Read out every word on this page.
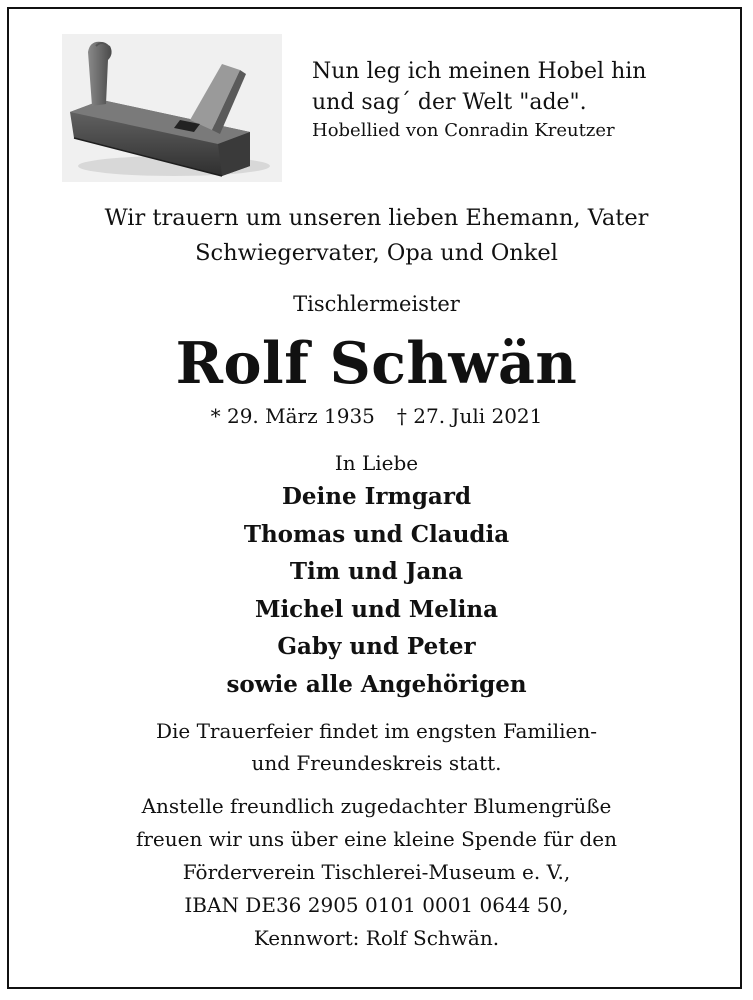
Nun leg ich meinen Hobel hin
und sag´ der Welt "ade".
Hobellied von Conradin Kreutzer
Wir trauern um unseren lieben Ehemann, Vater
Schwiegervater, Opa und Onkel
Tischlermeister
Rolf Schwän
* 29. März 1935 † 27. Juli 2021
In Liebe
Deine Irmgard
Thomas und Claudia
Tim und Jana
Michel und Melina
Gaby und Peter
sowie alle Angehörigen
Die Trauerfeier findet im engsten Familien-
und Freundeskreis statt.
Anstelle freundlich zugedachter Blumengrüße
freuen wir uns über eine kleine Spende für den
Förderverein Tischlerei-Museum e. V.,
IBAN DE36 2905 0101 0001 0644 50,
Kennwort: Rolf Schwän.
